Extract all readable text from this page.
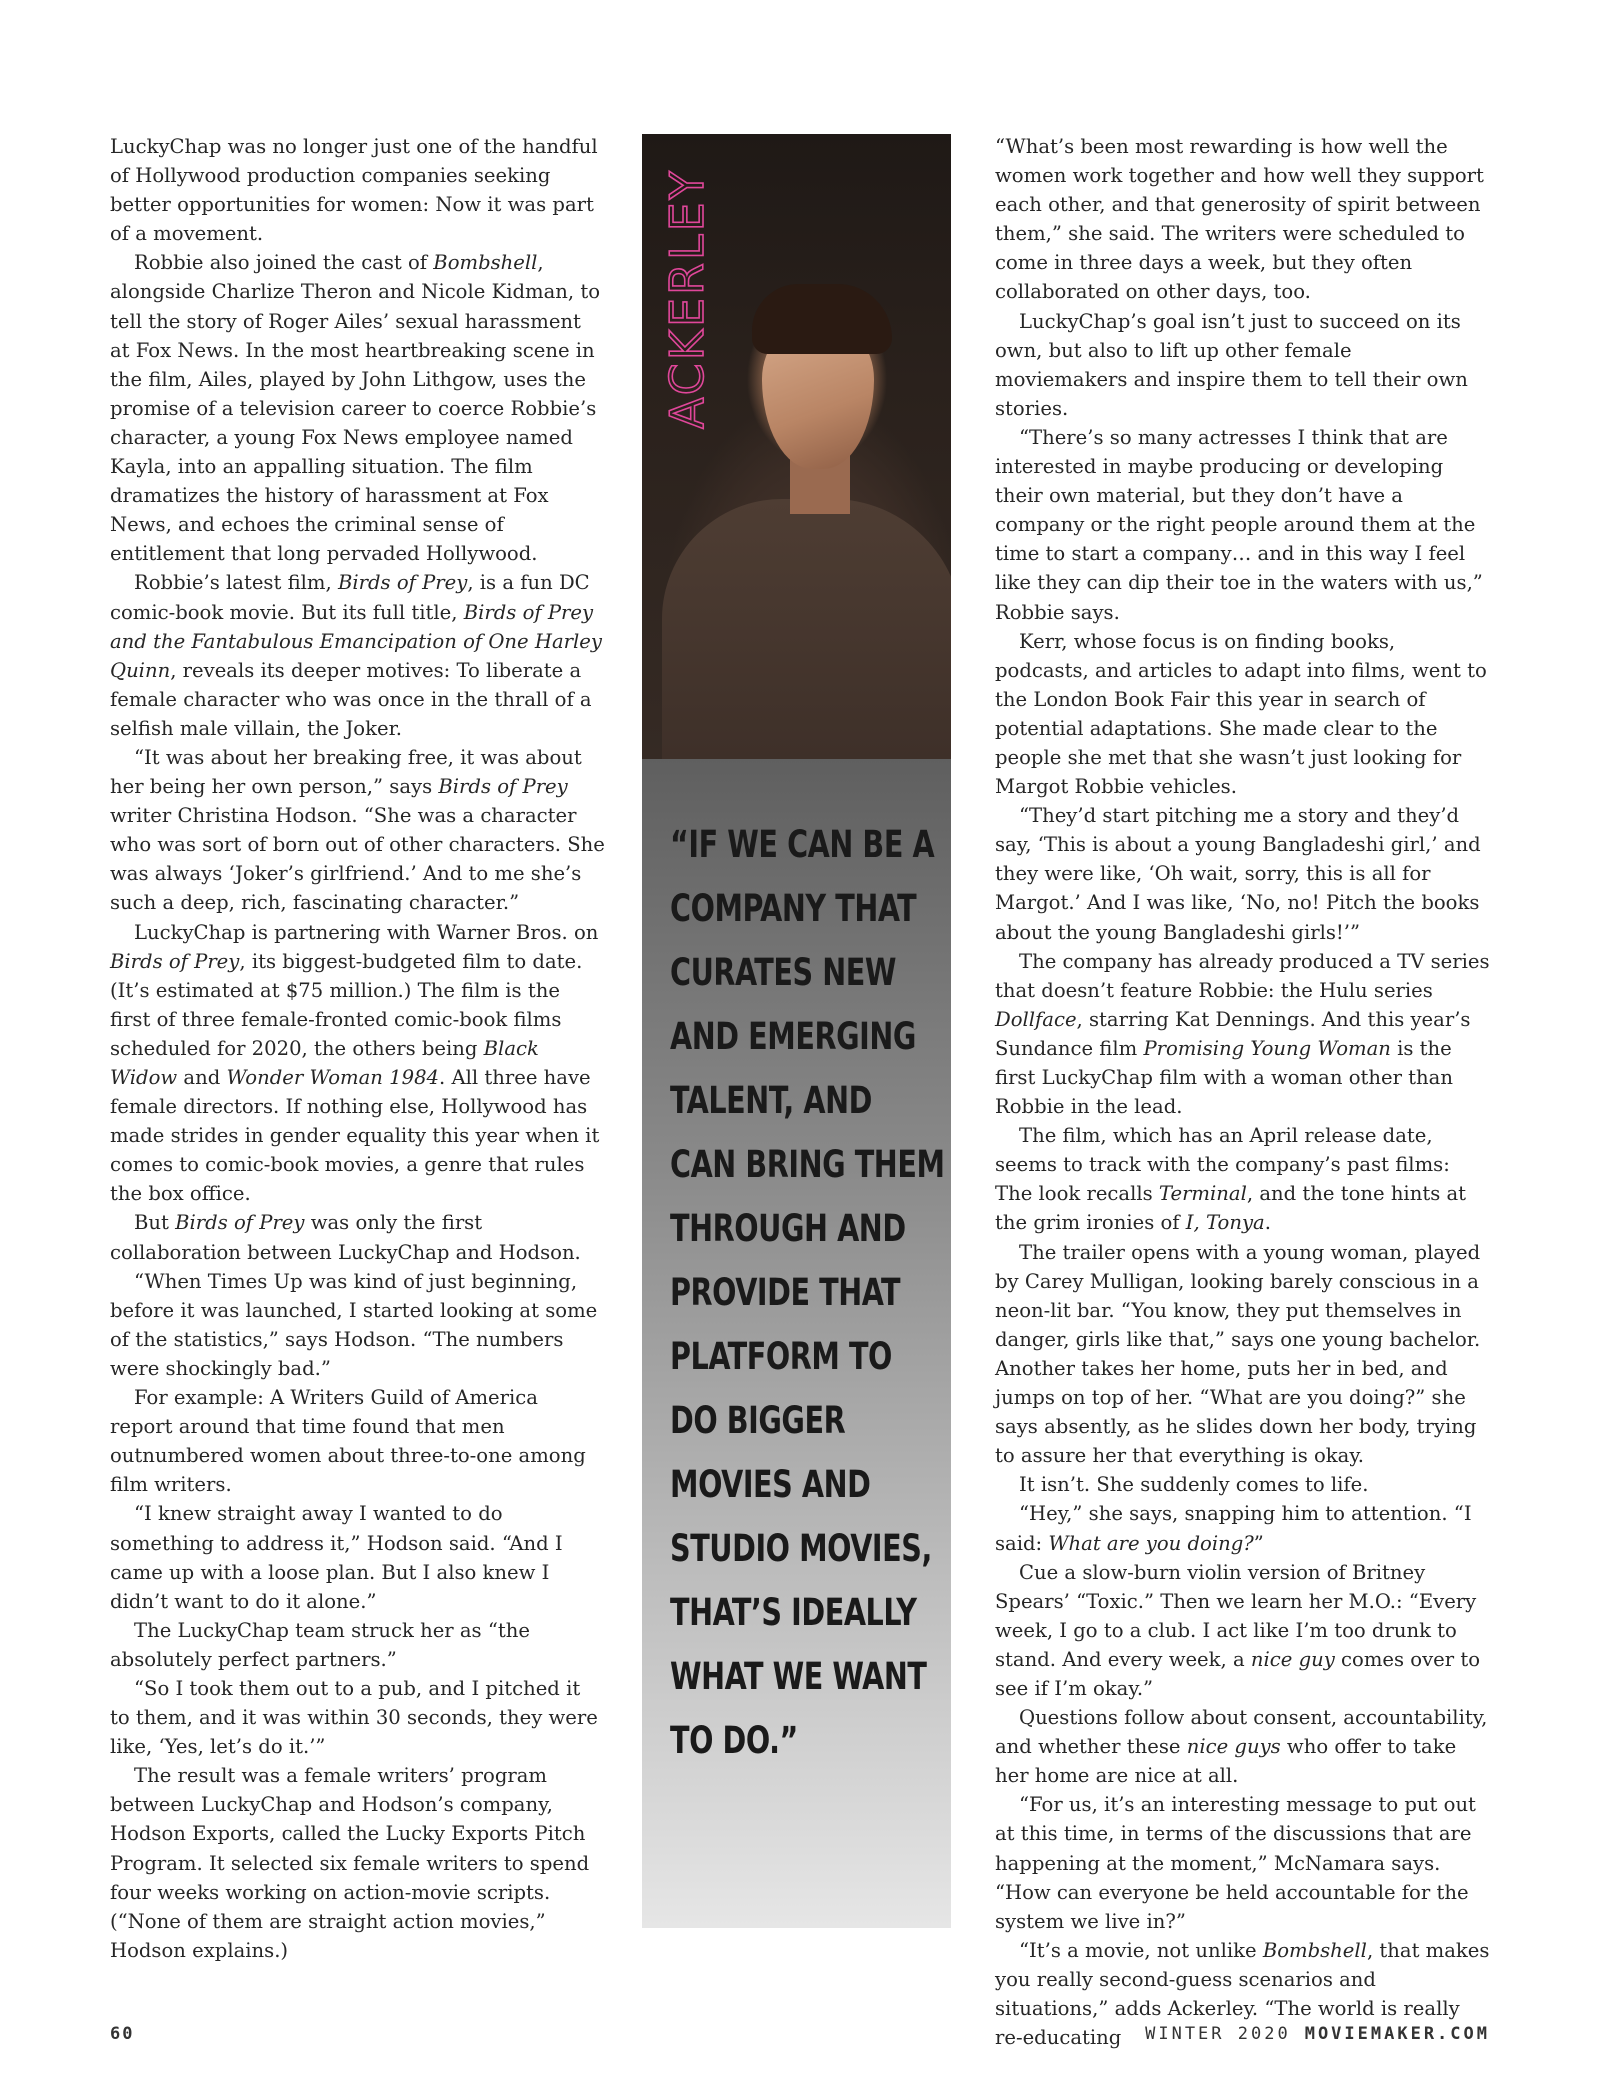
LuckyChap was no longer just one of the handful of Hollywood production companies seeking better opportunities for women: Now it was part of a movement.

Robbie also joined the cast of Bombshell, alongside Charlize Theron and Nicole Kidman, to tell the story of Roger Ailes’ sexual harassment at Fox News. In the most heartbreaking scene in the film, Ailes, played by John Lithgow, uses the promise of a television career to coerce Robbie’s character, a young Fox News employee named Kayla, into an appalling situation. The film dramatizes the history of harassment at Fox News, and echoes the criminal sense of entitlement that long pervaded Hollywood.

Robbie’s latest film, Birds of Prey, is a fun DC comic-book movie. But its full title, Birds of Prey and the Fantabulous Emancipation of One Harley Quinn, reveals its deeper motives: To liberate a female character who was once in the thrall of a selfish male villain, the Joker.

“It was about her breaking free, it was about her being her own person,” says Birds of Prey writer Christina Hodson. “She was a character who was sort of born out of other characters. She was always ‘Joker’s girlfriend.’ And to me she’s such a deep, rich, fascinating character.”

LuckyChap is partnering with Warner Bros. on Birds of Prey, its biggest-budgeted film to date. (It’s estimated at $75 million.) The film is the first of three female-fronted comic-book films scheduled for 2020, the others being Black Widow and Wonder Woman 1984. All three have female directors. If nothing else, Hollywood has made strides in gender equality this year when it comes to comic-book movies, a genre that rules the box office.

But Birds of Prey was only the first collaboration between LuckyChap and Hodson.

“When Times Up was kind of just beginning, before it was launched, I started looking at some of the statistics,” says Hodson. “The numbers were shockingly bad.”

For example: A Writers Guild of America report around that time found that men outnumbered women about three-to-one among film writers.

“I knew straight away I wanted to do something to address it,” Hodson said. “And I came up with a loose plan. But I also knew I didn’t want to do it alone.”

The LuckyChap team struck her as “the absolutely perfect partners.”

“So I took them out to a pub, and I pitched it to them, and it was within 30 seconds, they were like, ‘Yes, let’s do it.’”

The result was a female writers’ program between LuckyChap and Hodson’s company, Hodson Exports, called the Lucky Exports Pitch Program. It selected six female writers to spend four weeks working on action-movie scripts. (“None of them are straight action movies,” Hodson explains.)

ACKERLEY
“IF WE CAN BE A COMPANY THAT CURATES NEW AND EMERGING TALENT, AND CAN BRING THEM THROUGH AND PROVIDE THAT PLATFORM TO DO BIGGER MOVIES AND STUDIO MOVIES, THAT’S IDEALLY WHAT WE WANT TO DO.”

“What’s been most rewarding is how well the women work together and how well they support each other, and that generosity of spirit between them,” she said. The writers were scheduled to come in three days a week, but they often collaborated on other days, too.

LuckyChap’s goal isn’t just to succeed on its own, but also to lift up other female moviemakers and inspire them to tell their own stories.

“There’s so many actresses I think that are interested in maybe producing or developing their own material, but they don’t have a company or the right people around them at the time to start a company… and in this way I feel like they can dip their toe in the waters with us,” Robbie says.

Kerr, whose focus is on finding books, podcasts, and articles to adapt into films, went to the London Book Fair this year in search of potential adaptations. She made clear to the people she met that she wasn’t just looking for Margot Robbie vehicles.

“They’d start pitching me a story and they’d say, ‘This is about a young Bangladeshi girl,’ and they were like, ‘Oh wait, sorry, this is all for Margot.’ And I was like, ‘No, no! Pitch the books about the young Bangladeshi girls!’”

The company has already produced a TV series that doesn’t feature Robbie: the Hulu series Dollface, starring Kat Dennings. And this year’s Sundance film Promising Young Woman is the first LuckyChap film with a woman other than Robbie in the lead.

The film, which has an April release date, seems to track with the company’s past films: The look recalls Terminal, and the tone hints at the grim ironies of I, Tonya.

The trailer opens with a young woman, played by Carey Mulligan, looking barely conscious in a neon-lit bar. “You know, they put themselves in danger, girls like that,” says one young bachelor. Another takes her home, puts her in bed, and jumps on top of her. “What are you doing?” she says absently, as he slides down her body, trying to assure her that everything is okay.

It isn’t. She suddenly comes to life.

“Hey,” she says, snapping him to attention. “I said: What are you doing?”

Cue a slow-burn violin version of Britney Spears’ “Toxic.” Then we learn her M.O.: “Every week, I go to a club. I act like I’m too drunk to stand. And every week, a nice guy comes over to see if I’m okay.”

Questions follow about consent, accountability, and whether these nice guys who offer to take her home are nice at all.

“For us, it’s an interesting message to put out at this time, in terms of the discussions that are happening at the moment,” McNamara says. “How can everyone be held accountable for the system we live in?”

“It’s a movie, not unlike Bombshell, that makes you really second-guess scenarios and situations,” adds Ackerley. “The world is really re-educating

60	WINTER 2020 MOVIEMAKER.COM
